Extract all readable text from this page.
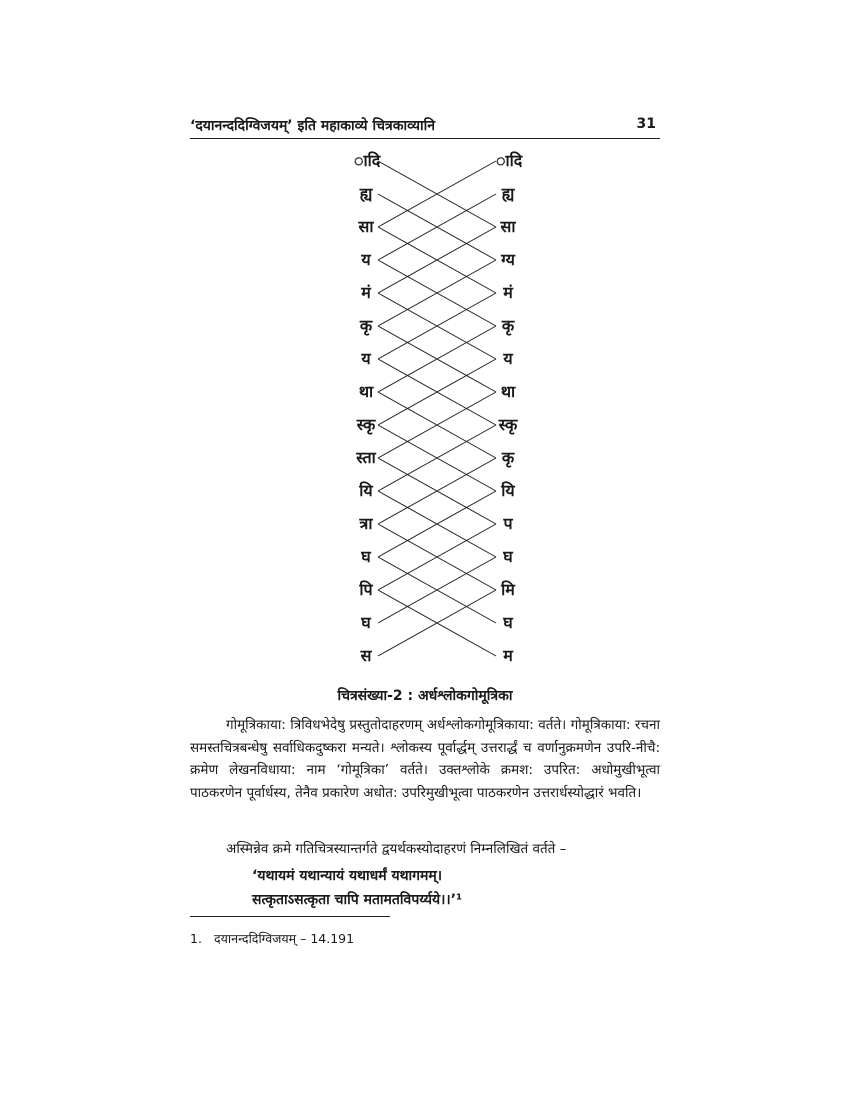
‘दयानन्ददिग्विजयम्’ इति महाकाव्ये चित्रकाव्यानि	31
ादि	ादि
ह्य	ह्य
सा	सा
य	ग्य
मं	मं
कृ	कृ
य	य
था	था
स्कृ	स्कृ
स्ता	कृ
यि	यि
त्रा	प
घ	घ
पि	मि
घ	घ
स	म
चित्रसंख्या-2 : अर्धश्लोकगोमूत्रिका
गोमूत्रिकाया: त्रिविधभेदेषु प्रस्तुतोदाहरणम् अर्धश्लोकगोमूत्रिकाया: वर्तते। गोमूत्रिकाया: रचना समस्तचित्रबन्धेषु सर्वाधिकदुष्करा मन्यते। श्लोकस्य पूर्वार्द्धम् उत्तरार्द्धं च वर्णानुक्रमणेन उपरि-नीचै: क्रमेण लेखनविधाया: नाम ‘गोमूत्रिका’ वर्तते। उक्तश्लोके क्रमश: उपरित: अधोमुखीभूत्वा पाठकरणेन पूर्वार्धस्य, तेनैव प्रकारेण अधोत: उपरिमुखीभूत्वा पाठकरणेन उत्तरार्धस्योद्धारं भवति।
अस्मिन्नेव क्रमे गतिचित्रस्यान्तर्गते द्वयर्थकस्योदाहरणं निम्नलिखितं वर्तते –
‘यथायमं यथान्यायं यथाधर्मं यथागमम्।
सत्कृताऽसत्कृता चापि मतामतविपर्य्यये।।’¹
1. दयानन्ददिग्विजयम् – 14.191
